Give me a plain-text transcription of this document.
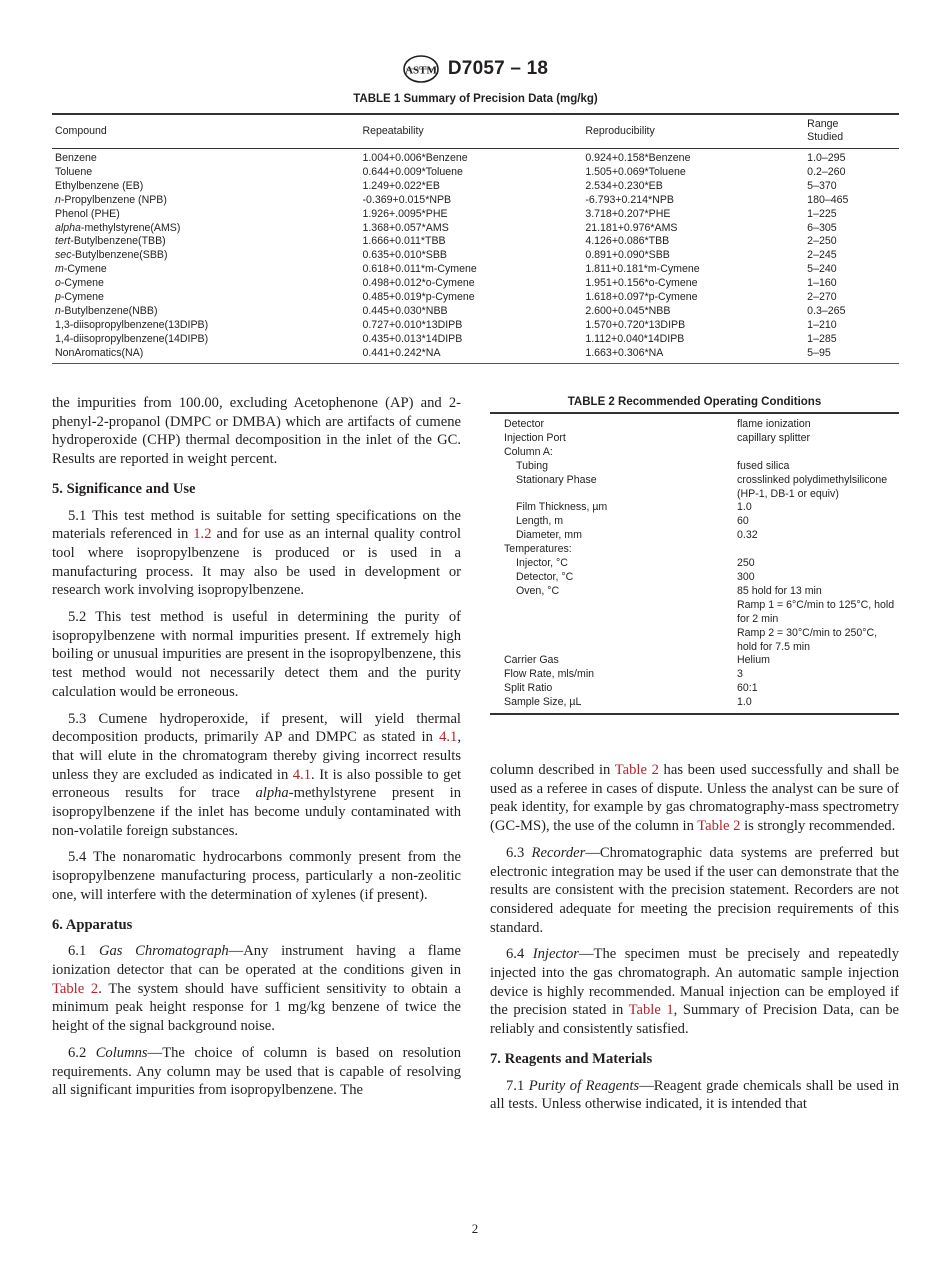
ASTM D7057 – 18
TABLE 1 Summary of Precision Data (mg/kg)
Compound	Repeatability	Reproducibility	Range Studied
Benzene	1.004+0.006*Benzene	0.924+0.158*Benzene	1.0–295
Toluene	0.644+0.009*Toluene	1.505+0.069*Toluene	0.2–260
Ethylbenzene (EB)	1.249+0.022*EB	2.534+0.230*EB	5–370
n-Propylbenzene (NPB)	-0.369+0.015*NPB	-6.793+0.214*NPB	180–465
Phenol (PHE)	1.926+.0095*PHE	3.718+0.207*PHE	1–225
alpha-methylstyrene(AMS)	1.368+0.057*AMS	21.181+0.976*AMS	6–305
tert-Butylbenzene(TBB)	1.666+0.011*TBB	4.126+0.086*TBB	2–250
sec-Butylbenzene(SBB)	0.635+0.010*SBB	0.891+0.090*SBB	2–245
m-Cymene	0.618+0.011*m-Cymene	1.811+0.181*m-Cymene	5–240
o-Cymene	0.498+0.012*o-Cymene	1.951+0.156*o-Cymene	1–160
p-Cymene	0.485+0.019*p-Cymene	1.618+0.097*p-Cymene	2–270
n-Butylbenzene(NBB)	0.445+0.030*NBB	2.600+0.045*NBB	0.3–265
1,3-diisopropylbenzene(13DIPB)	0.727+0.010*13DIPB	1.570+0.720*13DIPB	1–210
1,4-diisopropylbenzene(14DIPB)	0.435+0.013*14DIPB	1.112+0.040*14DIPB	1–285
NonAromatics(NA)	0.441+0.242*NA	1.663+0.306*NA	5–95

the impurities from 100.00, excluding Acetophenone (AP) and 2-phenyl-2-propanol (DMPC or DMBA) which are artifacts of cumene hydroperoxide (CHP) thermal decomposition in the inlet of the GC. Results are reported in weight percent.

5. Significance and Use

5.1 This test method is suitable for setting specifications on the materials referenced in 1.2 and for use as an internal quality control tool where isopropylbenzene is produced or is used in a manufacturing process. It may also be used in development or research work involving isopropylbenzene.

5.2 This test method is useful in determining the purity of isopropylbenzene with normal impurities present. If extremely high boiling or unusual impurities are present in the isopropylbenzene, this test method would not necessarily detect them and the purity calculation would be erroneous.

5.3 Cumene hydroperoxide, if present, will yield thermal decomposition products, primarily AP and DMPC as stated in 4.1, that will elute in the chromatogram thereby giving incorrect results unless they are excluded as indicated in 4.1. It is also possible to get erroneous results for trace alpha-methylstyrene present in isopropylbenzene if the inlet has become unduly contaminated with non-volatile foreign substances.

5.4 The nonaromatic hydrocarbons commonly present from the isopropylbenzene manufacturing process, particularly a non-zeolitic one, will interfere with the determination of xylenes (if present).

6. Apparatus

6.1 Gas Chromatograph—Any instrument having a flame ionization detector that can be operated at the conditions given in Table 2. The system should have sufficient sensitivity to obtain a minimum peak height response for 1 mg/kg benzene of twice the height of the signal background noise.

6.2 Columns—The choice of column is based on resolution requirements. Any column may be used that is capable of resolving all significant impurities from isopropylbenzene. The

TABLE 2 Recommended Operating Conditions
Detector	flame ionization
Injection Port	capillary splitter
Column A:	
Tubing	fused silica
Stationary Phase	crosslinked polydimethylsilicone (HP-1, DB-1 or equiv)
Film Thickness, µm	1.0
Length, m	60
Diameter, mm	0.32
Temperatures:	
Injector, °C	250
Detector, °C	300
Oven, °C	85 hold for 13 min
	Ramp 1 = 6°C/min to 125°C, hold for 2 min
	Ramp 2 = 30°C/min to 250°C, hold for 7.5 min
Carrier Gas	Helium
Flow Rate, mls/min	3
Split Ratio	60:1
Sample Size, µL	1.0

column described in Table 2 has been used successfully and shall be used as a referee in cases of dispute. Unless the analyst can be sure of peak identity, for example by gas chromatography-mass spectrometry (GC-MS), the use of the column in Table 2 is strongly recommended.

6.3 Recorder—Chromatographic data systems are preferred but electronic integration may be used if the user can demonstrate that the results are consistent with the precision statement. Recorders are not considered adequate for meeting the precision requirements of this standard.

6.4 Injector—The specimen must be precisely and repeatedly injected into the gas chromatograph. An automatic sample injection device is highly recommended. Manual injection can be employed if the precision stated in Table 1, Summary of Precision Data, can be reliably and consistently satisfied.

7. Reagents and Materials

7.1 Purity of Reagents—Reagent grade chemicals shall be used in all tests. Unless otherwise indicated, it is intended that

2
